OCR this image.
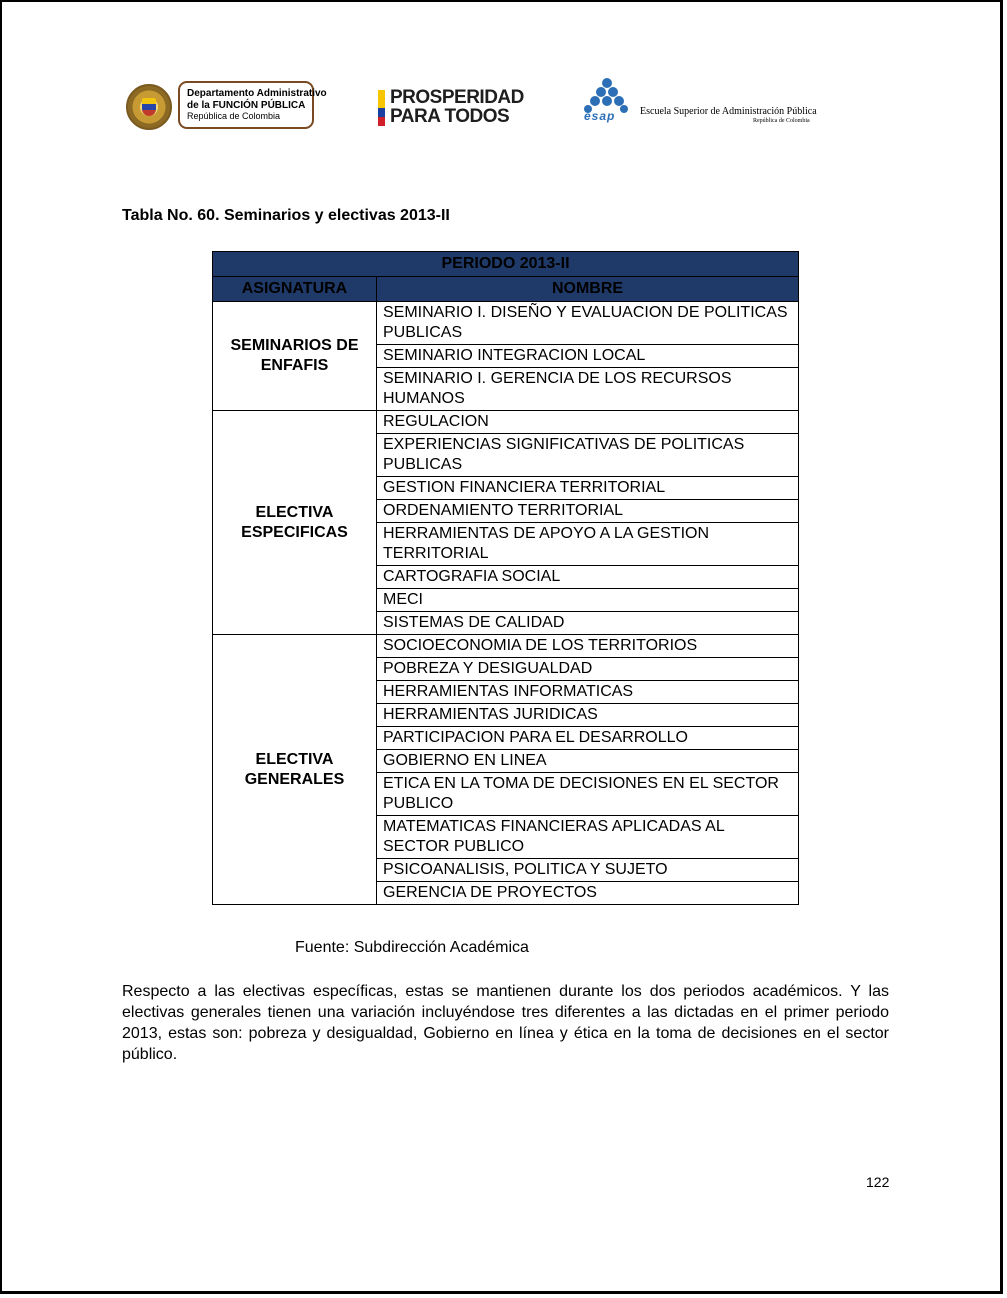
Departamento Administrativo
de la FUNCIÓN PÚBLICA
República de Colombia
PROSPERIDAD
PARA TODOS	esap Escuela Superior de Administración Pública
República de Colombia
Tabla No. 60. Seminarios y electivas 2013-II
PERIODO 2013-II	
ASIGNATURA	NOMBRE
SEMINARIOS DE ENFAFIS	SEMINARIO I. DISEÑO Y EVALUACION DE POLITICAS PUBLICAS
	SEMINARIO INTEGRACION LOCAL
	SEMINARIO I. GERENCIA DE LOS RECURSOS HUMANOS
ELECTIVA ESPECIFICAS	REGULACION
	EXPERIENCIAS SIGNIFICATIVAS DE POLITICAS PUBLICAS
	GESTION FINANCIERA TERRITORIAL
	ORDENAMIENTO TERRITORIAL
	HERRAMIENTAS DE APOYO A LA GESTION TERRITORIAL
	CARTOGRAFIA SOCIAL
	MECI
	SISTEMAS DE CALIDAD
ELECTIVA GENERALES	SOCIOECONOMIA DE LOS TERRITORIOS
	POBREZA Y DESIGUALDAD
	HERRAMIENTAS INFORMATICAS
	HERRAMIENTAS JURIDICAS
	PARTICIPACION PARA EL DESARROLLO
	GOBIERNO EN LINEA
	ETICA EN LA TOMA DE DECISIONES EN EL SECTOR PUBLICO
	MATEMATICAS FINANCIERAS APLICADAS AL SECTOR PUBLICO
	PSICOANALISIS, POLITICA Y SUJETO
	GERENCIA DE PROYECTOS
Fuente: Subdirección Académica
Respecto a las electivas específicas, estas se mantienen durante los dos periodos académicos. Y las electivas generales tienen una variación incluyéndose tres diferentes a las dictadas en el primer periodo 2013, estas son: pobreza y desigualdad, Gobierno en línea y ética en la toma de decisiones en el sector público.
122
